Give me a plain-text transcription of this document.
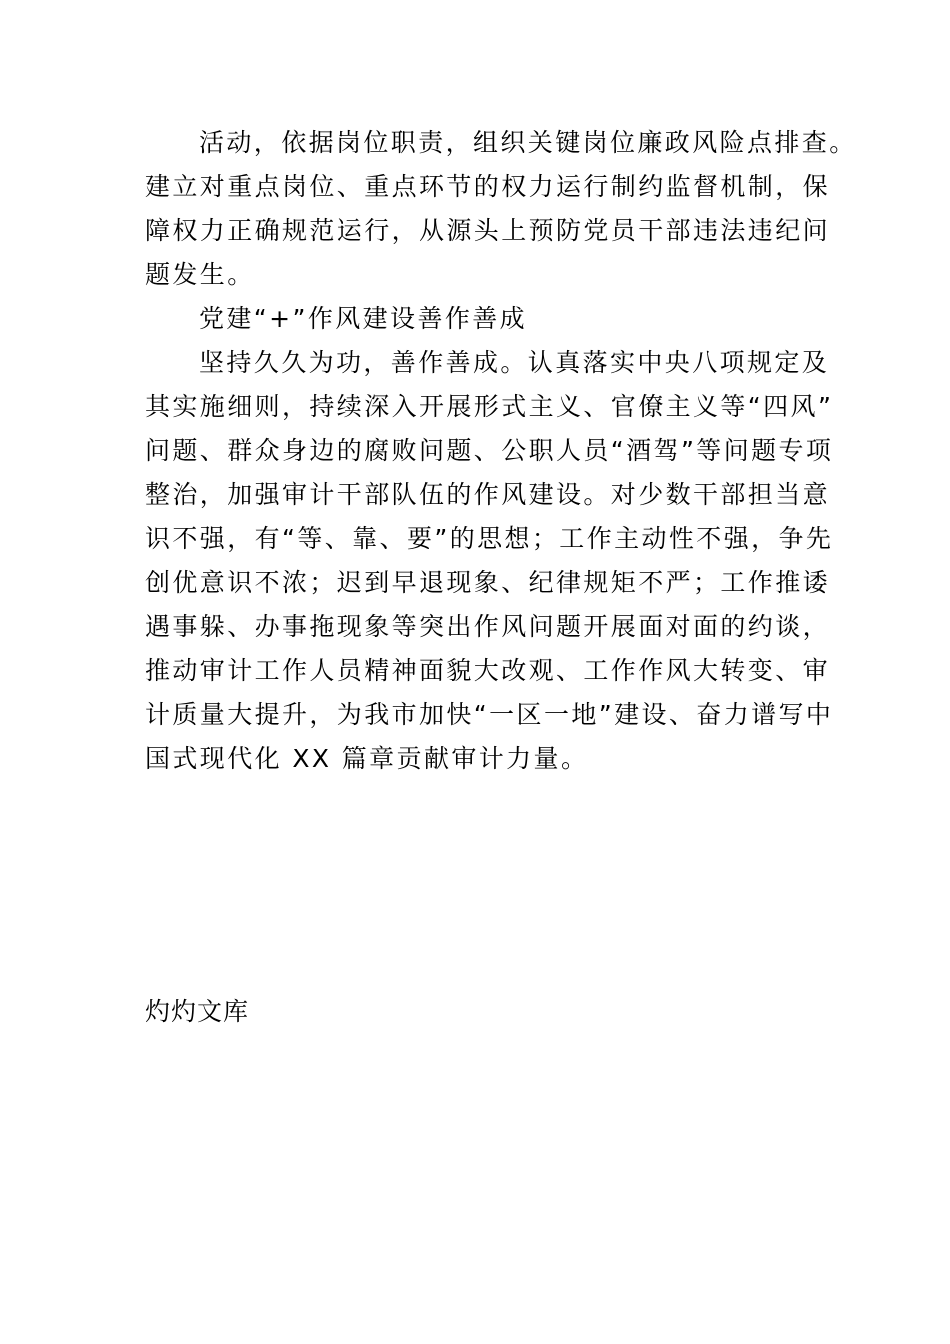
活动，依据岗位职责，组织关键岗位廉政风险点排查。
建立对重点岗位、重点环节的权力运行制约监督机制，保
障权力正确规范运行，从源头上预防党员干部违法违纪问
题发生。
党建“+”作风建设善作善成
坚持久久为功，善作善成。认真落实中央八项规定及
其实施细则，持续深入开展形式主义、官僚主义等“四风”
问题、群众身边的腐败问题、公职人员“酒驾”等问题专项
整治，加强审计干部队伍的作风建设。对少数干部担当意
识不强，有“等、靠、要”的思想；工作主动性不强，争先
创优意识不浓；迟到早退现象、纪律规矩不严；工作推诿
遇事躲、办事拖现象等突出作风问题开展面对面的约谈，
推动审计工作人员精神面貌大改观、工作作风大转变、审
计质量大提升，为我市加快“一区一地”建设、奋力谱写中
国式现代化 XX 篇章贡献审计力量。
灼灼文库
